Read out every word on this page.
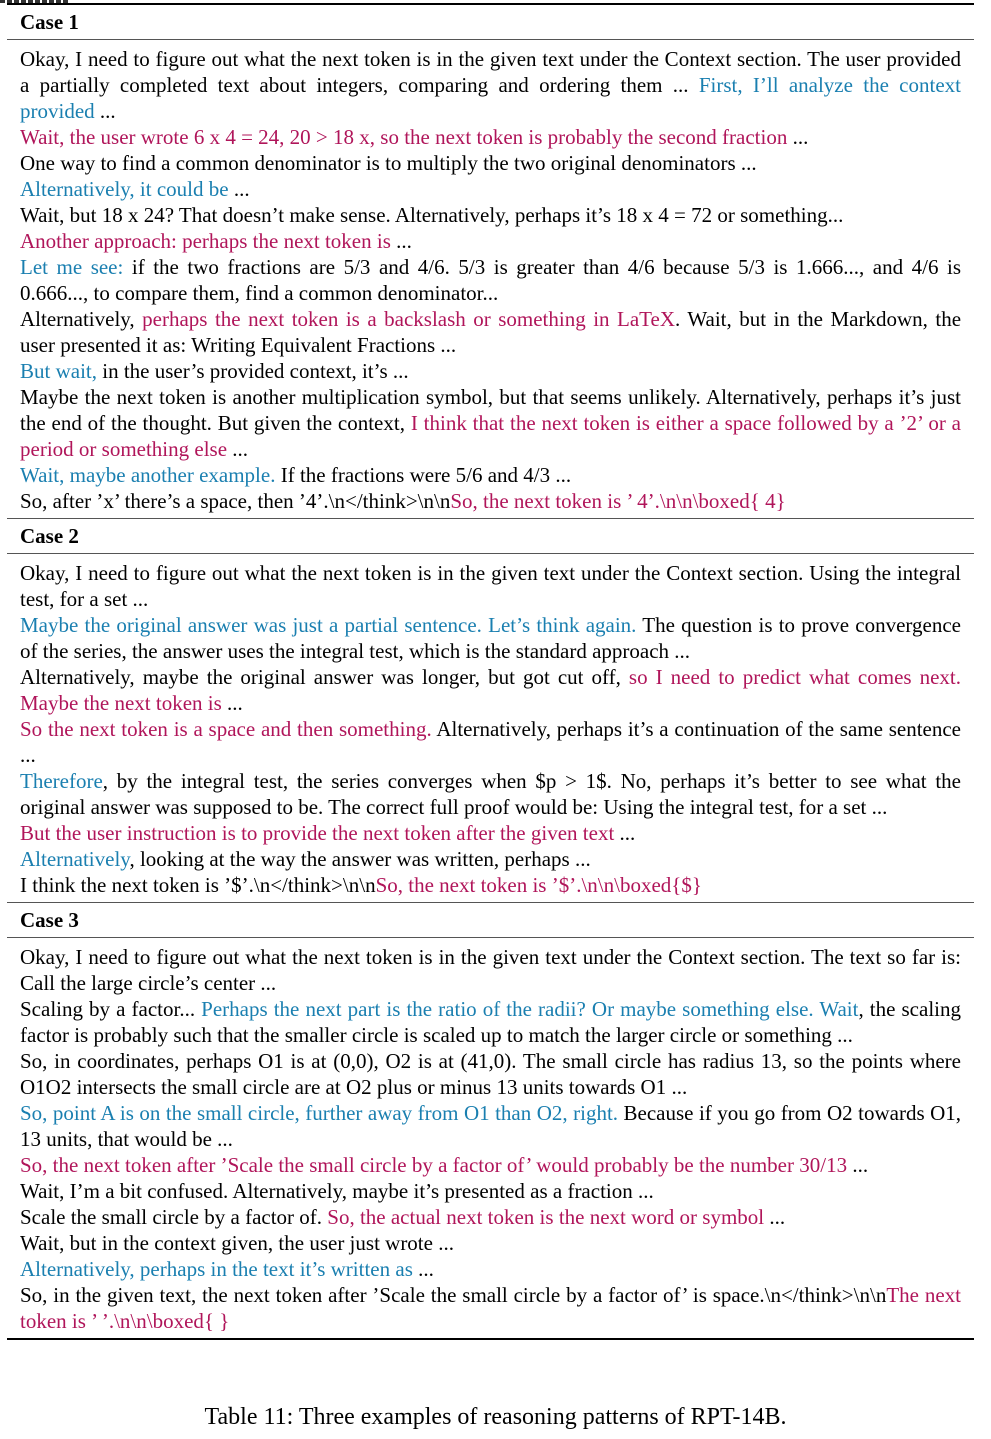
Case 1
Okay, I need to figure out what the next token is in the given text under the Context section. The user provided a partially completed text about integers, comparing and ordering them ... First, I’ll analyze the context provided ...
Wait, the user wrote 6 x 4 = 24, 20 > 18 x, so the next token is probably the second fraction ...
One way to find a common denominator is to multiply the two original denominators ...
Alternatively, it could be ...
Wait, but 18 x 24? That doesn’t make sense. Alternatively, perhaps it’s 18 x 4 = 72 or something...
Another approach: perhaps the next token is ...
Let me see: if the two fractions are 5/3 and 4/6. 5/3 is greater than 4/6 because 5/3 is 1.666..., and 4/6 is 0.666..., to compare them, find a common denominator...
Alternatively, perhaps the next token is a backslash or something in LaTeX. Wait, but in the Markdown, the user presented it as: Writing Equivalent Fractions ...
But wait, in the user’s provided context, it’s ...
Maybe the next token is another multiplication symbol, but that seems unlikely. Alternatively, perhaps it’s just the end of the thought. But given the context, I think that the next token is either a space followed by a ’2’ or a period or something else ...
Wait, maybe another example. If the fractions were 5/6 and 4/3 ...
So, after ’x’ there’s a space, then ’4’.\n</think>\n\nSo, the next token is ’ 4’.\n\n\boxed{ 4}
Case 2
Okay, I need to figure out what the next token is in the given text under the Context section. Using the integral test, for a set ...
Maybe the original answer was just a partial sentence. Let’s think again. The question is to prove convergence of the series, the answer uses the integral test, which is the standard approach ...
Alternatively, maybe the original answer was longer, but got cut off, so I need to predict what comes next. Maybe the next token is ...
So the next token is a space and then something. Alternatively, perhaps it’s a continuation of the same sentence ...
Therefore, by the integral test, the series converges when $p > 1$. No, perhaps it’s better to see what the original answer was supposed to be. The correct full proof would be: Using the integral test, for a set ...
But the user instruction is to provide the next token after the given text ...
Alternatively, looking at the way the answer was written, perhaps ...
I think the next token is ’$’.\n</think>\n\nSo, the next token is ’$’.\n\n\boxed{$}
Case 3
Okay, I need to figure out what the next token is in the given text under the Context section. The text so far is: Call the large circle’s center ...
Scaling by a factor... Perhaps the next part is the ratio of the radii? Or maybe something else. Wait, the scaling factor is probably such that the smaller circle is scaled up to match the larger circle or something ...
So, in coordinates, perhaps O1 is at (0,0), O2 is at (41,0). The small circle has radius 13, so the points where O1O2 intersects the small circle are at O2 plus or minus 13 units towards O1 ...
So, point A is on the small circle, further away from O1 than O2, right. Because if you go from O2 towards O1, 13 units, that would be ...
So, the next token after ’Scale the small circle by a factor of’ would probably be the number 30/13 ...
Wait, I’m a bit confused. Alternatively, maybe it’s presented as a fraction ...
Scale the small circle by a factor of. So, the actual next token is the next word or symbol ...
Wait, but in the context given, the user just wrote ...
Alternatively, perhaps in the text it’s written as ...
So, in the given text, the next token after ’Scale the small circle by a factor of’ is space.\n</think>\n\nThe next token is ’ ’.\n\n\boxed{ }
Table 11: Three examples of reasoning patterns of RPT-14B.
